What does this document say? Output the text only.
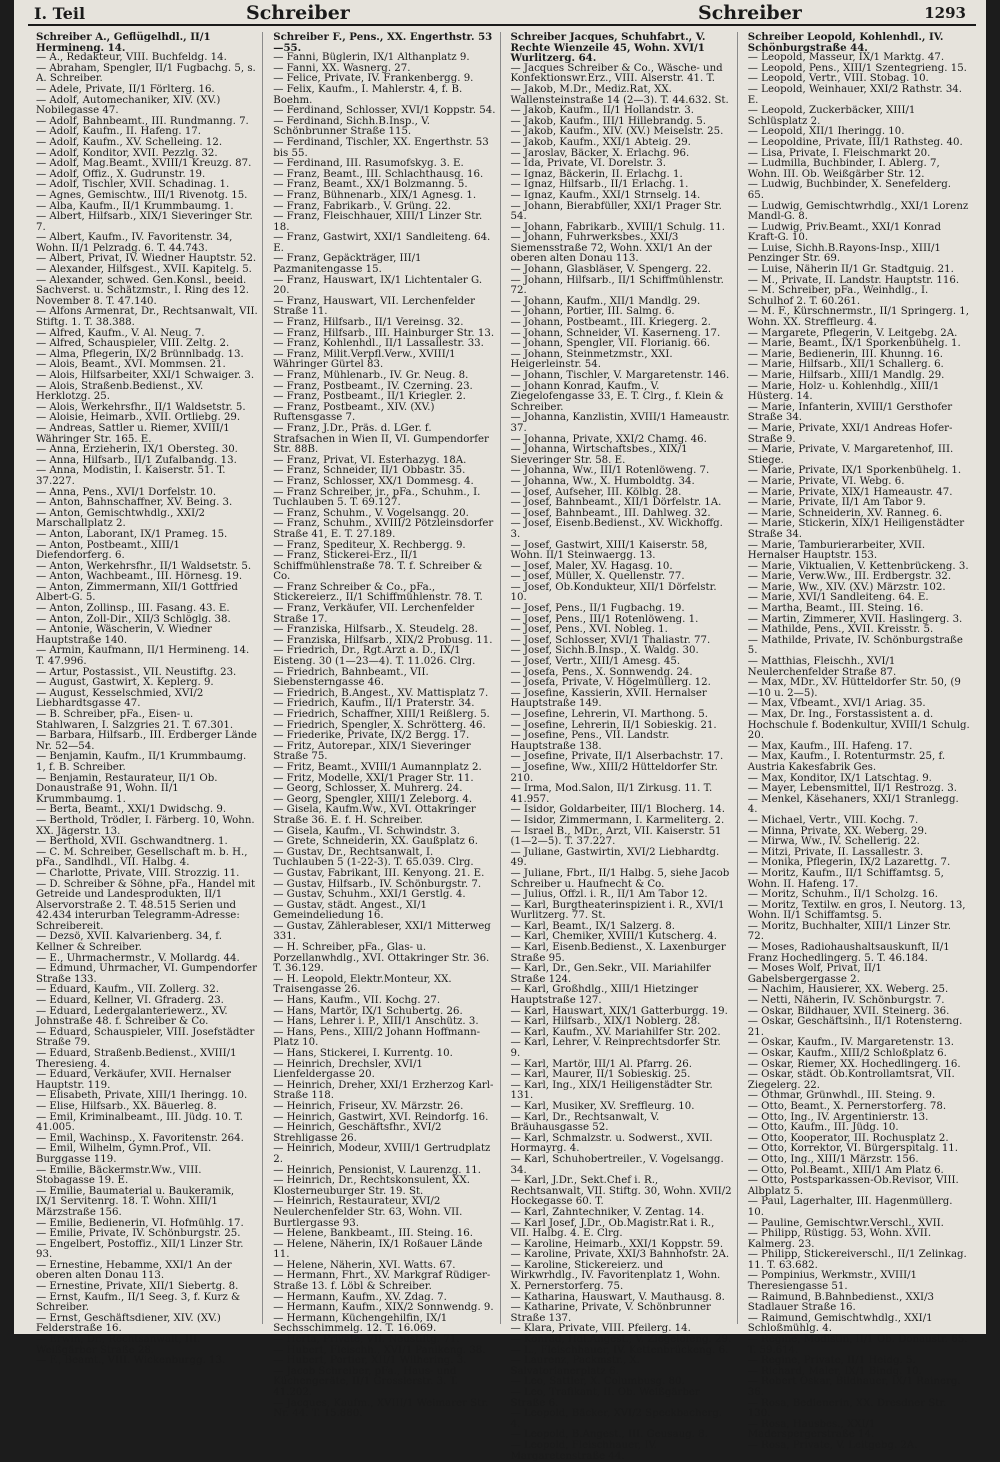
I. Teil	Schreiber	Schreiber	1293

Schreiber A., Geflügelhdl., II/1 Hermineng. 14.

— A., Redakteur, VIII. Buchfeldg. 14.

— Abraham, Spengler, II/1 Fugbachg. 5, s. A. Schreiber.

— Adele, Private, II/1 Förlterg. 16.

— Adolf, Automechaniker, XIV. (XV.) Nobilegasse 47.

— Adolf, Bahnbeamt., III. Rundmanng. 7.

— Adolf, Kaufm., II. Hafeng. 17.

— Adolf, Kaufm., XV. Schelleing. 12.

— Adolf, Konditor, XVII. Pezzlg. 32.

— Adolf, Mag.Beamt., XVIII/1 Kreuzg. 87.

— Adolf, Offiz., X. Gudrunstr. 19.

— Adolf, Tischler, XVII. Schadinag. 1.

— Agnes, Gemischtw., III/1 Rivenotg. 15.

— Alba, Kaufm., II/1 Krummbaumg. 1.

— Albert, Hilfsarb., XIX/1 Sieveringer Str. 7.

— Albert, Kaufm., IV. Favoritenstr. 34, Wohn. II/1 Pelzradg. 6. T. 44.743.

— Albert, Privat, IV. Wiedner Hauptstr. 52.

— Alexander, Hilfsgest., XVII. Kapitelg. 5.

— Alexander, schwed. Gen.Konsl., beeid. Sachverst. u. Schätzmstr., I. Ring des 12. November 8. T. 47.140.

— Alfons Armenrat, Dr., Rechtsanwalt, VII. Stiftg. 1. T. 38.388.

— Alfred, Kaufm., V. Al. Neug. 7.

— Alfred, Schauspieler, VIII. Zeltg. 2.

— Alma, Pflegerin, IX/2 Brünnlbadg. 13.

— Alois, Beamt., XVI. Mommsen. 21.

— Alois, Hilfsarbeiter, XXI/1 Schwaiger. 3.

— Alois, Straßenb.Bedienst., XV. Herklotzg. 25.

— Alois, Werkehrsfhr., II/1 Waldsetstr. 5.

— Aloisie, Heimarb., XVII. Ortliebg. 29.

— Andreas, Sattler u. Riemer, XVIII/1 Währinger Str. 165. E.

— Anna, Erzieherin, IX/1 Obersteg. 30.

— Anna, Hilfsarb., II/1 Zufalbandg. 13.

— Anna, Modistin, I. Kaiserstr. 51. T. 37.227.

— Anna, Pens., XVI/1 Dorfelstr. 10.

— Anton, Bahnschaffner, XV. Being. 3.

— Anton, Gemischtwhdlg., XXI/2 Marschallplatz 2.

— Anton, Laborant, IX/1 Prameg. 15.

— Anton, Postbeamt., XIII/1 Diefendorferg. 6.

— Anton, Werkehrsfhr., II/1 Waldsetstr. 5.

— Anton, Wachbeamt., III. Hörnesg. 19.

— Anton, Zimmermann, XII/1 Gottfried Albert-G. 5.

— Anton, Zollinsp., III. Fasang. 43. E.

— Anton, Zoll-Dir., XII/3 Schlöglg. 38.

— Antonie, Wäscherin, V. Wiedner Hauptstraße 140.

— Armin, Kaufmann, II/1 Hermineng. 14. T. 47.996.

— Artur, Postassist., VII. Neustiftg. 23.

— August, Gastwirt, X. Keplerg. 9.

— August, Kesselschmied, XVI/2 Liebhardtsgasse 47.

— B. Schreiber, pFa., Eisen- u. Stahlwaren, I. Salzgries 21. T. 67.301.

— Barbara, Hilfsarb., III. Erdberger Lände Nr. 52—54.

— Benjamin, Kaufm., II/1 Krummbaumg. 1, f. B. Schreiber.

— Benjamin, Restaurateur, II/1 Ob. Donaustraße 91, Wohn. II/1 Krummbaumg. 1.

— Berta, Beamt., XXI/1 Dwidschg. 9.

— Berthold, Trödler, I. Färberg. 10, Wohn. XX. Jägerstr. 13.

— Berthold, XVII. Gschwandtnerg. 1.

— C. M. Schreiber, Gesellschaft m. b. H., pFa., Sandlhdl., VII. Halbg. 4.

— Charlotte, Private, VIII. Strozzig. 11.

— D. Schreiber & Söhne, pFa., Handel mit Getreide und Landesprodukten, II/1 Alservorstraße 2. T. 48.515 Serien und 42.434 interurban Telegramm-Adresse: Schreibereit.

— Dezsö, XVII. Kalvarienberg. 34, f. Kellner & Schreiber.

— E., Uhrmachermstr., V. Mollardg. 44.

— Edmund, Uhrmacher, VI. Gumpendorfer Straße 133.

— Eduard, Kaufm., VII. Zollerg. 32.

— Eduard, Kellner, VI. Gfraderg. 23.

— Eduard, Ledergalanteriewerz., XV. Johnstraße 48. f. Schreiber & Co.

— Eduard, Schauspieler, VIII. Josefstädter Straße 79.

— Eduard, Straßenb.Bedienst., XVIII/1 Theresieng. 4.

— Eduard, Verkäufer, XVII. Hernalser Hauptstr. 119.

— Elisabeth, Private, XIII/1 Iheringg. 10.

— Elise, Hilfsarb., XX. Bäuerleg. 8.

— Emil, Kriminalbeamt., III. Jüdg. 10. T. 41.005.

— Emil, Wachinsp., X. Favoritenstr. 264.

— Emil, Wilhelm, Gymn.Prof., VII. Burggasse 119.

— Emilie, Bäckermstr.Ww., VIII. Stobagasse 19. E.

— Emilie, Baumaterial u. Baukeramik, IX/1 Servitenrg. 18. T. Wohn. XIII/1 Märzstraße 156.

— Emilie, Bedienerin, VI. Hofmühlg. 17.

— Emilie, Private, IV. Schönburgstr. 25.

— Engelbert, Postoffiz., XII/1 Linzer Str. 93.

— Ernestine, Hebamme, XXI/1 An der oberen alten Donau 113.

— Ernestine, Private, XII/1 Siebertg. 8.

— Ernst, Kaufm., II/1 Seeg. 3, f. Kurz & Schreiber.

— Ernst, Geschäftsdiener, XIV. (XV.) Felderstraße 16.

— Erwin, Dr., Rechtsanwalt, III. Weißgärber Straße 28.

— F., Beamt., VIII. Wickenburgg. 13.

Schreiber F., Pens., XX. Engerthstr. 53—55.

— Fanni, Büglerin, IX/1 Althanplatz 9.

— Fanni, XX. Wasnerg. 27.

— Felice, Private, IV. Frankenbergg. 9.

— Felix, Kaufm., I. Mahlerstr. 4, f. B. Boehm.

— Ferdinand, Schlosser, XVI/1 Koppstr. 54.

— Ferdinand, Sichh.B.Insp., V. Schönbrunner Straße 115.

— Ferdinand, Tischler, XX. Engerthstr. 53 bis 55.

— Ferdinand, III. Rasumofskyg. 3. E.

— Franz, Beamt., III. Schlachthausg. 16.

— Franz, Beamt., XX/1 Bolzmanng. 5.

— Franz, Bühnenarb., XIX/1 Agnesg. 1.

— Franz, Fabrikarb., V. Grüng. 22.

— Franz, Fleischhauer, XIII/1 Linzer Str. 18.

— Franz, Gastwirt, XXI/1 Sandleiteng. 64. E.

— Franz, Gepäckträger, III/1 Pazmanitengasse 15.

— Franz, Hauswart, IX/1 Lichtentaler G. 20.

— Franz, Hauswart, VII. Lerchenfelder Straße 11.

— Franz, Hilfsarb., II/1 Vereinsg. 32.

— Franz, Hilfsarb., III. Hainburger Str. 13.

— Franz, Kohlenhdl., II/1 Lassallestr. 33.

— Franz, Milit.Verpfl.Verw., XVIII/1 Währinger Gürtel 83.

— Franz, Mühlenarb., IV. Gr. Neug. 8.

— Franz, Postbeamt., IV. Czerning. 23.

— Franz, Postbeamt., II/1 Kriegler. 2.

— Franz, Postbeamt., XIV. (XV.) Ruftensgasse 7.

— Franz, J.Dr., Präs. d. LGer. f. Strafsachen in Wien II, VI. Gumpendorfer Str. 88B.

— Franz, Privat, VI. Esterhazyg. 18A.

— Franz, Schneider, II/1 Obbastr. 35.

— Franz, Schlosser, XX/1 Dommesg. 4.

— Franz Schreiber, jr., pFa., Schuhm., I. Tuchlauben 5. T. 69.127.

— Franz, Schuhm., V. Vogelsangg. 20.

— Franz, Schuhm., XVIII/2 Pötzleinsdorfer Straße 41, E. T. 27.189.

— Franz, Spediteur, X. Rechbergg. 9.

— Franz, Stickerei-Erz., II/1 Schiffmühlenstraße 78. T. f. Schreiber & Co.

— Franz Schreiber & Co., pFa., Stickereierz., II/1 Schiffmühlenstr. 78. T.

— Franz, Verkäufer, VII. Lerchenfelder Straße 17.

— Franziska, Hilfsarb., X. Steudelg. 28.

— Franziska, Hilfsarb., XIX/2 Probusg. 11.

— Friedrich, Dr., Rgt.Arzt a. D., IX/1 Eisteng. 30 (1—23—4). T. 11.026. Clrg.

— Friedrich, Bahnbeamt., VII. Siebensterngasse 46.

— Friedrich, B.Angest., XV. Mattisplatz 7.

— Friedrich, Kaufm., II/1 Praterstr. 34.

— Friedrich, Schaffner, XIII/1 Reißlerg. 5.

— Friedrich, Spengler, X. Schrötterg. 46.

— Friederike, Private, IX/2 Bergg. 17.

— Fritz, Autorepar., XIX/1 Sieveringer Straße 75.

— Fritz, Beamt., XVIII/1 Aumannplatz 2.

— Fritz, Modelle, XXI/1 Prager Str. 11.

— Georg, Schlosser, X. Muhrerg. 24.

— Georg, Spengler, XIII/1 Zeleborg. 4.

— Gisela, Kaufm.Ww., XVI. Ottakringer Straße 36. E. f. H. Schreiber.

— Gisela, Kaufm., VI. Schwindstr. 3.

— Grete, Schneiderin, XX. Gaußplatz 6.

— Gustav, Dr., Rechtsanwalt, I. Tuchlauben 5 (1-22-3). T. 65.039. Clrg.

— Gustav, Fabrikant, III. Kenyong. 21. E.

— Gustav, Hilfsarb., IV. Schönburgstr. 7.

— Gustav, Schuhm., XXI/1 Gerstlg. 4.

— Gustav, städt. Angest., XI/1 Gemeindeliedung 16.

— Gustav, Zählerableser, XXI/1 Mitterweg 331.

— H. Schreiber, pFa., Glas- u. Porzellanwhdlg., XVI. Ottakringer Str. 36. T. 36.129.

— H. Leopold, Elektr.Monteur, XX. Traisengasse 26.

— Hans, Kaufm., VII. Kochg. 27.

— Hans, Martör, IX/1 Schubertg. 26.

— Hans, Lehrer i. P., XIII/1 Anschütz. 3.

— Hans, Pens., XIII/2 Johann Hoffmann-Platz 10.

— Hans, Stickerei, I. Kurrentg. 10.

— Heinrich, Drechsler, XVI/1 Lienfeldergasse 20.

— Heinrich, Dreher, XXI/1 Erzherzog Karl-Straße 118.

— Heinrich, Friseur, XV. Märzstr. 26.

— Heinrich, Gastwirt, XVI. Reindorfg. 16.

— Heinrich, Geschäftsfhr., XVI/2 Strehligasse 26.

— Heinrich, Modeur, XVIII/1 Gertrudplatz 2.

— Heinrich, Pensionist, V. Laurenzg. 11.

— Heinrich, Dr., Rechtskonsulent, XX. Klosterneuburger Str. 19. St.

— Heinrich, Restaurateur, XVI/2 Neulerchenfelder Str. 63, Wohn. VII. Burtlergasse 93.

— Helene, Bankbeamt., III. Steing. 16.

— Helene, Näherin, IX/1 Roßauer Lände 11.

— Helene, Näherin, XVI. Watts. 67.

— Hermann, Fhrt., XV. Markgraf Rüdiger-Straße 13. f. Löbl & Schreiber.

— Hermann, Kaufm., XV. Zdag. 7.

— Hermann, Kaufm., XIX/2 Sonnwendg. 9.

— Hermann, Küchengehilfin, IX/1 Sechsschimmelg. 12. T. 16.069.

— Herta, Private, VII. Neustiftg. 71.

— Hubert, Fleischh., XVI/1 Panikeng. 38.

— Hubert, Portier, XII/1 Wilhering. 3.

— Jacob Schreiber, pFa., Haus- und Küchengeräte, II/1 Grosslerstr. 3. T. 41.202.

— Jacques, Kaufm., XVIII/1 Weimarer Str. Nr. 44. T. 15.880.

Schreiber Jacques, Schuhfabrt., V. Rechte Wienzeile 45, Wohn. XVI/1 Wurlitzerg. 64.

— Jacques Schreiber & Co., Wäsche- und Konfektionswr.Erz., VIII. Alserstr. 41. T.

— Jakob, M.Dr., Mediz.Rat, XX. Wallensteinstraße 14 (2—3). T. 44.632. St.

— Jakob, Kaufm., II/1 Hollandstr. 3.

— Jakob, Kaufm., III/1 Hillebrandg. 5.

— Jakob, Kaufm., XIV. (XV.) Meiselstr. 25.

— Jakob, Kaufm., XXI/1 Abteig. 29.

— Jaroslav, Bäcker, X. Erlachg. 96.

— Ida, Private, VI. Dorelstr. 3.

— Ignaz, Bäckerin, II. Erlachg. 1.

— Ignaz, Hilfsarb., II/1 Erlachg. 1.

— Ignaz, Kaufm., XXI/1 Strnselg. 14.

— Johann, Bierabfüller, XXI/1 Prager Str. 54.

— Johann, Fabrikarb., XVIII/1 Schulg. 11.

— Johann, Fuhrwerksbes., XXI/3 Siemensstraße 72, Wohn. XXI/1 An der oberen alten Donau 113.

— Johann, Glasbläser, V. Spengerg. 22.

— Johann, Hilfsarb., II/1 Schiffmühlenstr. 72.

— Johann, Kaufm., XII/1 Mandlg. 29.

— Johann, Portier, III. Salmg. 6.

— Johann, Postbeamt., III. Kriegerg. 2.

— Johann, Schneider, VI. Kaserneng. 17.

— Johann, Spengler, VII. Florianig. 66.

— Johann, Steinmetzmstr., XXI. Heigerleinstr. 54.

— Johann, Tischler, V. Margaretenstr. 146.

— Johann Konrad, Kaufm., V. Ziegelofengasse 33, E. T. Clrg., f. Klein & Schreiber.

— Johanna, Kanzlistin, XVIII/1 Hameaustr. 37.

— Johanna, Private, XXI/2 Chamg. 46.

— Johanna, Wirtschaftsbes., XIX/1 Sieveringer Str. 58. E.

— Johanna, Ww., III/1 Rotenlöweng. 7.

— Johanna, Ww., X. Humboldtg. 34.

— Josef, Aufseher, III. Kölblg. 28.

— Josef, Bahnbeamt., XII/1 Dörfelstr. 1A.

— Josef, Bahnbeamt., III. Dahlweg. 32.

— Josef, Eisenb.Bedienst., XV. Wickhoffg. 3.

— Josef, Gastwirt, XIII/1 Kaiserstr. 58, Wohn. II/1 Steinwaergg. 13.

— Josef, Maler, XV. Hagasg. 10.

— Josef, Müller, X. Quellenstr. 77.

— Josef, Ob.Kondukteur, XII/1 Dörfelstr. 10.

— Josef, Pens., II/1 Fugbachg. 19.

— Josef, Pens., III/1 Rotenlöweng. 1.

— Josef, Pens., XVI. Nobleg. 1.

— Josef, Schlosser, XVI/1 Thaliastr. 77.

— Josef, Sichh.B.Insp., X. Waldg. 30.

— Josef, Vertr., XIII/1 Amesg. 45.

— Josefa, Pens., X. Sonnwendg. 24.

— Josefa, Private, V. Högelmüllerg. 12.

— Josefine, Kassierin, XVII. Hernalser Hauptstraße 149.

— Josefine, Lehrerin, VI. Marthong. 5.

— Josefine, Lehrerin, II/1 Sobieskig. 21.

— Josefine, Pens., VII. Landstr. Hauptstraße 138.

— Josefine, Private, II/1 Alserbachstr. 17.

— Josefine, Ww., XIII/2 Hütteldorfer Str. 210.

— Irma, Mod.Salon, II/1 Zirkusg. 11. T. 41.957.

— Isidor, Goldarbeiter, III/1 Blocherg. 14.

— Isidor, Zimmermann, I. Karmeliterg. 2.

— Israel B., MDr., Arzt, VII. Kaiserstr. 51 (1—2—5). T. 37.227.

— Juliane, Gastwirtin, XVI/2 Liebhardtg. 49.

— Juliane, Fbrt., II/1 Halbg. 5, siehe Jacob Schreiber u. Haufnecht & Co.

— Julius, Offzl. i. R., II/1 Am Tabor 12.

— Karl, Burgtheaterinspizient i. R., XVI/1 Wurlitzerg. 77. St.

— Karl, Beamt., IX/1 Salzerg. 8.

— Karl, Chemiker, XVIII/1 Kutscherg. 4.

— Karl, Eisenb.Bedienst., X. Laxenburger Straße 95.

— Karl, Dr., Gen.Sekr., VII. Mariahilfer Straße 124.

— Karl, Großhdlg., XIII/1 Hietzinger Hauptstraße 127.

— Karl, Hauswart, XIX/1 Gatterburgg. 19.

— Karl, Hilfsarb., XIX/1 Noblerg. 28.

— Karl, Kaufm., XV. Mariahilfer Str. 202.

— Karl, Lehrer, V. Reinprechtsdorfer Str. 9.

— Karl, Martör, III/1 Al. Pfarrg. 26.

— Karl, Maurer, II/1 Sobieskig. 25.

— Karl, Ing., XIX/1 Heiligenstädter Str. 131.

— Karl, Musiker, XV. Sreffleurg. 10.

— Karl, Dr., Rechtsanwalt, V. Bräuhausgasse 52.

— Karl, Schmalzstr. u. Sodwerst., XVII. Hormayrg. 4.

— Karl, Schuhobertreiler., V. Vogelsangg. 34.

— Karl, J.Dr., Sekt.Chef i. R., Rechtsanwalt, VII. Stiftg. 30, Wohn. XVII/2 Hockegasse 60. T.

— Karl, Zahntechniker, V. Zentag. 14.

— Karl Josef, J.Dr., Ob.Magistr.Rat i. R., VII. Halbg. 4. E. Clrg.

— Karoline, Heimarb., XXI/1 Koppstr. 59.

— Karoline, Private, XXI/3 Bahnhofstr. 2A.

— Karoline, Stickereierz. und Wirkwrhdlg., IV. Favoritenplatz 1, Wohn. X. Pernerstorferg. 75.

— Katharina, Hauswart, V. Mauthausg. 8.

— Katharine, Private, V. Schönbrunner Straße 137.

— Klara, Private, VIII. Pfeilerg. 14.

— Konrad, Hdl.Angest., V. Ziegelofeng. 29.

— L., Fleischhauer, IV. Kettenbrückeng. 6.

— Laurenz, Packmstr., X. Salvatorianerplatz 6.

— Leo, Sattler, X. Columbusg. 80.

— Leo, Trafikant, II. Ob. Weißgärber Straße 6.

— Leopold, Bäcker, XVI/2 Speckbacherg. 4.

— Leopold, B.Angest., III. Geusaug. 8.

— Leopold, Fleischhauer, IV. Margaretenstraße 44.

Schreiber Leopold, Kohlenhdl., IV. Schönburgstraße 44.

— Leopold, Masseur, IX/1 Marktg. 47.

— Leopold, Pens., XIII/1 Szentegrieng. 15.

— Leopold, Vertr., VIII. Stobag. 10.

— Leopold, Weinhauer, XXI/2 Rathstr. 34. E.

— Leopold, Zuckerbäcker, XIII/1 Schlüsplatz 2.

— Leopold, XII/1 Iheringg. 10.

— Leopoldine, Private, III/1 Rathsteg. 40.

— Lisa, Private, I. Fleischmarkt 20.

— Ludmilla, Buchbinder, I. Ablerg. 7, Wohn. III. Ob. Weißgärber Str. 12.

— Ludwig, Buchbinder, X. Senefelderg. 65.

— Ludwig, Gemischtwrhdlg., XXI/1 Lorenz Mandl-G. 8.

— Ludwig, Priv.Beamt., XXI/1 Konrad Kraft-G. 10.

— Luise, Sichh.B.Rayons-Insp., XIII/1 Penzinger Str. 69.

— Luise, Näherin II/1 Gr. Stadtguig. 21.

— M., Private, II. Landstr. Hauptstr. 116.

— M. Schreiber, pFa., Weinhdlg., I. Schulhof 2. T. 60.261.

— M. F., Kürschnermstr., II/1 Springerg. 1, Wohn. XX. Streffleurg. 4.

— Margarete, Pflegerin, V. Leitgebg. 2A.

— Marie, Beamt., IX/1 Sporkenbühelg. 1.

— Marie, Bedienerin, III. Khunng. 16.

— Marie, Hilfsarb., XII/1 Schallerg. 6.

— Marie, Hilfsarb., XIII/1 Mandlg. 29.

— Marie, Holz- u. Kohlenhdlg., XIII/1 Hüsterg. 14.

— Marie, Infanterin, XVIII/1 Gersthofer Straße 34.

— Marie, Private, XXI/1 Andreas Hofer-Straße 9.

— Marie, Private, V. Margaretenhof, III. Stiege.

— Marie, Private, IX/1 Sporkenbühelg. 1.

— Marie, Private, VI. Webg. 6.

— Marie, Private, XIX/1 Hameaustr. 47.

— Marie, Private, II/1 Am Tabor 9.

— Marie, Schneiderin, XV. Ranneg. 6.

— Marie, Stickerin, XIX/1 Heiligenstädter Straße 34.

— Marie, Tamburierarbeiter, XVII. Hernalser Hauptstr. 153.

— Marie, Viktualien, V. Kettenbrückeng. 3.

— Marie, Verw.Ww., III. Erdbergstr. 32.

— Marie, Ww., XIV. (XV.) Märzstr. 102.

— Marie, XVI/1 Sandleiteng. 64. E.

— Martha, Beamt., III. Steing. 16.

— Martin, Zimmerer, XVII. Haslingerg. 3.

— Mathilde, Pens., XVII. Kreisstr. 5.

— Mathilde, Private, IV. Schönburgstraße 5.

— Matthias, Fleischh., XVI/1 Neulerchenfelder Straße 87.

— Max, MDr., XV. Hütteldorfer Str. 50, (9—10 u. 2—5).

— Max, Vfbeamt., XVI/1 Ariag. 35.

— Max, Dr. Ing., Forstassistent a. d. Hochschule f. Bodenkultur, XVIII/1 Schulg. 20.

— Max, Kaufm., III. Hafeng. 17.

— Max, Kaufm., I. Rotenturmstr. 25, f. Austria Kakesfabrik Ges.

— Max, Konditor, IX/1 Latschtag. 9.

— Mayer, Lebensmittel, II/1 Restrozg. 3.

— Menkel, Käsehaners, XXI/1 Stranlegg. 4.

— Michael, Vertr., VIII. Kochg. 7.

— Minna, Private, XX. Weberg. 29.

— Mirwa, Ww., IV. Schellerig. 22.

— Mitzi, Private, II. Lassallestr. 3.

— Monika, Pflegerin, IX/2 Lazarettg. 7.

— Moritz, Kaufm., II/1 Schiffamtsg. 5, Wohn. II. Hafeng. 17.

— Moritz, Schuhm., II/1 Scholzg. 16.

— Moritz, Textilw. en gros, I. Neutorg. 13, Wohn. II/1 Schiffamtsg. 5.

— Moritz, Buchhalter, XIII/1 Linzer Str. 72.

— Moses, Radiohaushaltsauskunft, II/1 Franz Hochedlingerg. 5. T. 46.184.

— Moses Wolf, Privat, II/1 Gabelsbergergasse 2.

— Nachim, Hausierer, XX. Weberg. 25.

— Netti, Näherin, IV. Schönburgstr. 7.

— Oskar, Bildhauer, XVII. Steinerg. 36.

— Oskar, Geschäftsinh., II/1 Rotensterng. 21.

— Oskar, Kaufm., IV. Margaretenstr. 13.

— Oskar, Kaufm., XIII/2 Schloßplatz 6.

— Oskar, Riemer, XX. Hochedlingerg. 16.

— Oskar, städt. Ob.Kontrollamtsrat, VII. Ziegelerg. 22.

— Othmar, Grünwhdl., III. Steing. 9.

— Otto, Beamt., X. Pernerstorferg. 78.

— Otto, Ing., IV. Argentinierstr. 13.

— Otto, Kaufm., III. Jüdg. 10.

— Otto, Kooperator, III. Rochusplatz 2.

— Otto, Korrektor, VI. Bürgerspitalg. 11.

— Otto, Ing., XIII/1 Märzstr. 156.

— Otto, Pol.Beamt., XIII/1 Am Platz 6.

— Otto, Postsparkassen-Ob.Revisor, VIII. Albplatz 5.

— Paul, Lagerhalter, III. Hagenmüllerg. 10.

— Pauline, Gemischtwr.Verschl., XVII.

— Philipp, Rüstigg. 53, Wohn. XVII. Kalmerg. 23.

— Philipp, Stickereiverschl., II/1 Zelinkag. 11. T. 63.682.

— Pompinius, Werkmstr., XVIII/1 Theresiengasse 51.

— Raimund, B.Bahnbedienst., XXI/3 Stadlauer Straße 16.

— Raimund, Gemischtwhdlg., XXI/1 Schloßmühlg. 4.

— Regine, Modistin, II/1 Ob. Donaustr. 65. T. 59.614.

— Regine, Private, II/1 Heidg. 5.

— Richard, Maler, IX/1 Bindg. 10.

— Robert Oskar, Bildhauer, IX/1 Rainerg. 36.

— Rosa, Bedienerin, XX. Dresdner Str. 130.

— Rosa, Hausbes., XXI/1 Maderspergerstraße 14.

— Rosa, Private, V. Leitgebg. 2A.
